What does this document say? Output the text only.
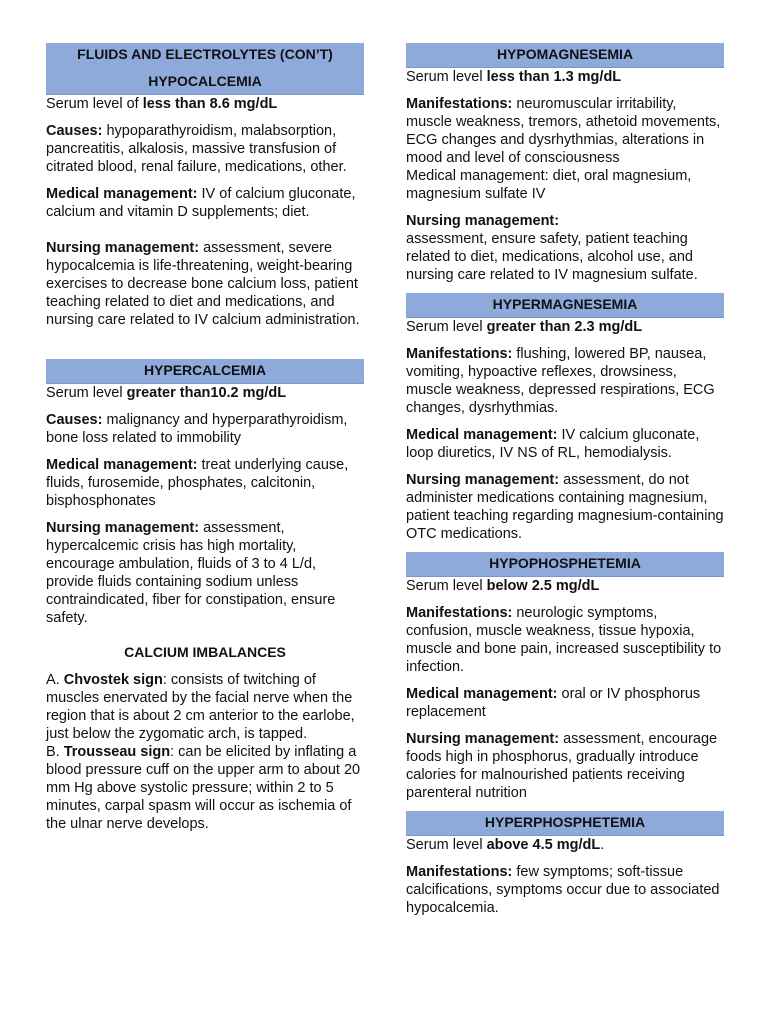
FLUIDS AND ELECTROLYTES (CON’T)
HYPOCALCEMIA

Serum level of less than 8.6 mg/dL

Causes: hypoparathyroidism, malabsorption, pancreatitis, alkalosis, massive transfusion of citrated blood, renal failure, medications, other.

Medical management: IV of calcium gluconate, calcium and vitamin D supplements; diet.

Nursing management: assessment, severe hypocalcemia is life-threatening, weight-bearing exercises to decrease bone calcium loss, patient teaching related to diet and medications, and nursing care related to IV calcium administration.

HYPERCALCEMIA

Serum level greater than10.2 mg/dL

Causes: malignancy and hyperparathyroidism, bone loss related to immobility

Medical management: treat underlying cause, fluids, furosemide, phosphates, calcitonin, bisphosphonates

Nursing management: assessment, hypercalcemic crisis has high mortality, encourage ambulation, fluids of 3 to 4 L/d, provide fluids containing sodium unless contraindicated, fiber for constipation, ensure safety.

CALCIUM IMBALANCES

A. Chvostek sign: consists of twitching of muscles enervated by the facial nerve when the region that is about 2 cm anterior to the earlobe, just below the zygomatic arch, is tapped.

B. Trousseau sign: can be elicited by inflating a blood pressure cuff on the upper arm to about 20 mm Hg above systolic pressure; within 2 to 5 minutes, carpal spasm will occur as ischemia of the ulnar nerve develops.

HYPOMAGNESEMIA

Serum level less than 1.3 mg/dL

Manifestations: neuromuscular irritability, muscle weakness, tremors, athetoid movements, ECG changes and dysrhythmias, alterations in mood and level of consciousness

Medical management: diet, oral magnesium, magnesium sulfate IV

Nursing management:

assessment, ensure safety, patient teaching related to diet, medications, alcohol use, and nursing care related to IV magnesium sulfate.

HYPERMAGNESEMIA

Serum level greater than 2.3 mg/dL

Manifestations: flushing, lowered BP, nausea, vomiting, hypoactive reflexes, drowsiness, muscle weakness, depressed respirations, ECG changes, dysrhythmias.

Medical management: IV calcium gluconate, loop diuretics, IV NS of RL, hemodialysis.

Nursing management: assessment, do not administer medications containing magnesium, patient teaching regarding magnesium-containing OTC medications.

HYPOPHOSPHETEMIA

Serum level below 2.5 mg/dL

Manifestations: neurologic symptoms, confusion, muscle weakness, tissue hypoxia, muscle and bone pain, increased susceptibility to infection.

Medical management: oral or IV phosphorus replacement

Nursing management: assessment, encourage foods high in phosphorus, gradually introduce calories for malnourished patients receiving parenteral nutrition

HYPERPHOSPHETEMIA

Serum level above 4.5 mg/dL.

Manifestations: few symptoms; soft-tissue calcifications, symptoms occur due to associated hypocalcemia.
